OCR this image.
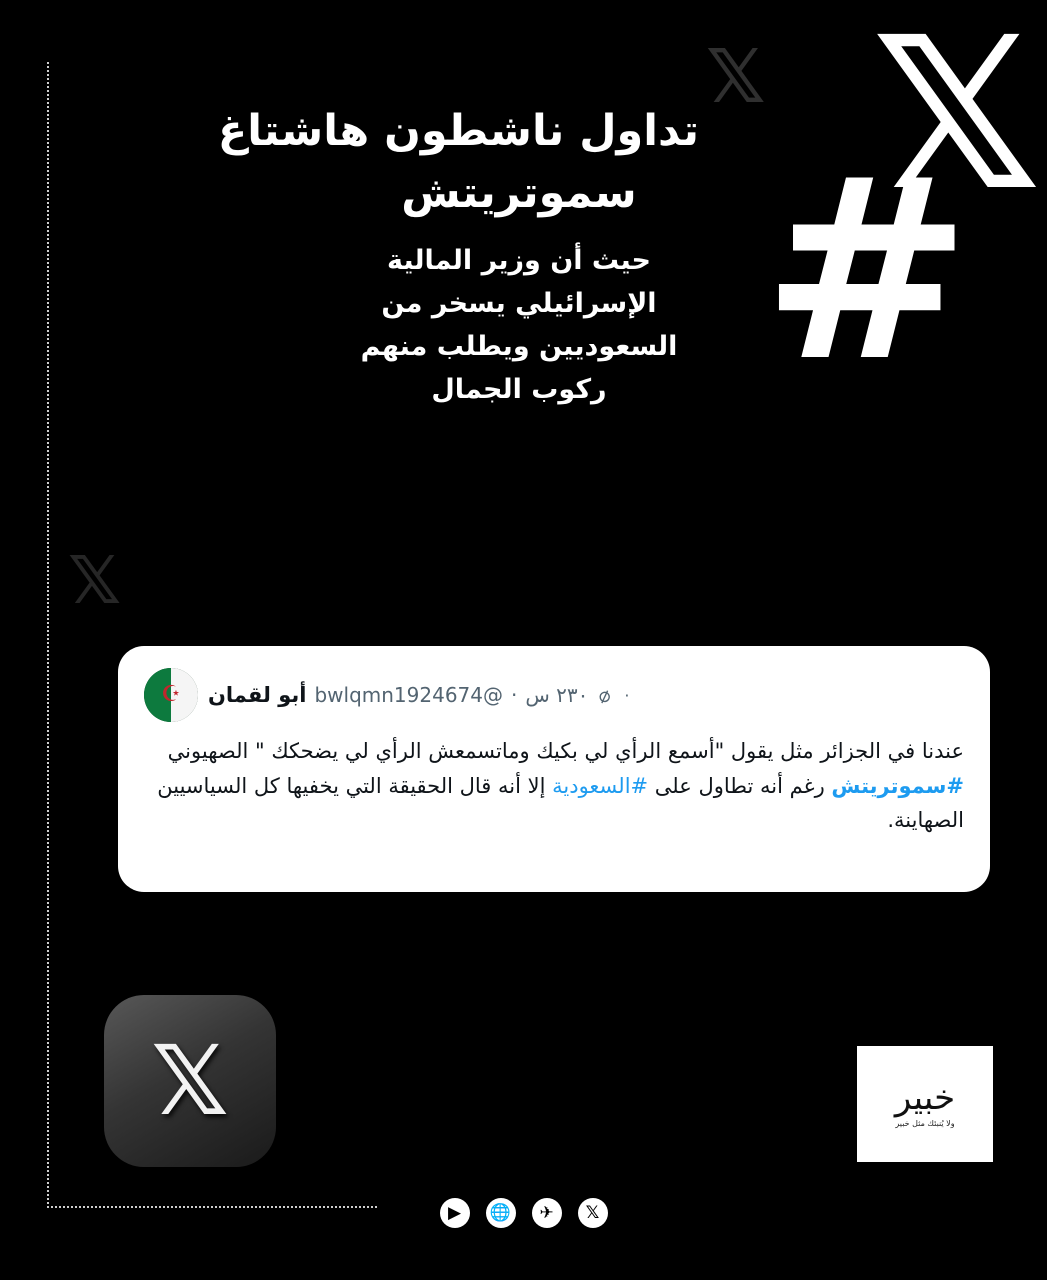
𝕏
𝕏
𝕏
#
تداول ناشطون هاشتاغ
سموتريتش
حيث أن وزير المالية الإسرائيلي يسخر من السعوديين ويطلب منهم ركوب الجمال
·
⌀
٢٣٠ س
·
@bwlqmn1924674
أبو لقمان
☪
عندنا في الجزائر مثل يقول "أسمع الرأي لي بكيك وماتسمعش الرأي لي يضحكك " الصهيوني #سموتريتش رغم أنه تطاول على #السعودية إلا أنه قال الحقيقة التي يخفيها كل السياسيين الصهاينة.
𝕏	خبير
ولا يُنبئك مثل خبير
𝕏
✈
🌐
▶
